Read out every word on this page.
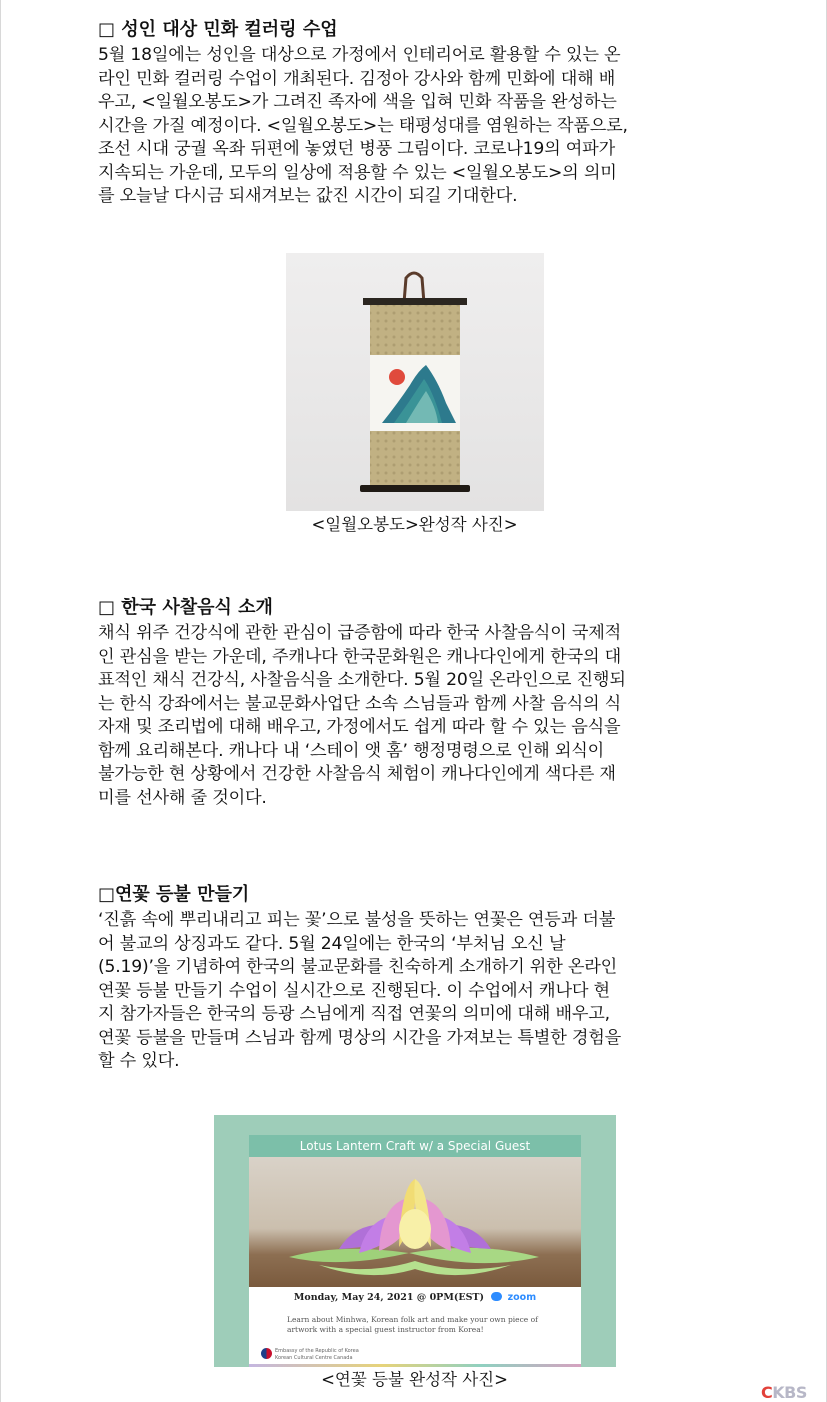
□ 성인 대상 민화 컬러링 수업
5월 18일에는 성인을 대상으로 가정에서 인테리어로 활용할 수 있는 온
라인 민화 컬러링 수업이 개최된다. 김정아 강사와 함께 민화에 대해 배
우고, <일월오봉도>가 그려진 족자에 색을 입혀 민화 작품을 완성하는
시간을 가질 예정이다. <일월오봉도>는 태평성대를 염원하는 작품으로,
조선 시대 궁궐 옥좌 뒤편에 놓였던 병풍 그림이다. 코로나19의 여파가
지속되는 가운데, 모두의 일상에 적용할 수 있는 <일월오봉도>의 의미
를 오늘날 다시금 되새겨보는 값진 시간이 되길 기대한다.
<일월오봉도>완성작 사진>
□ 한국 사찰음식 소개
채식 위주 건강식에 관한 관심이 급증함에 따라 한국 사찰음식이 국제적
인 관심을 받는 가운데, 주캐나다 한국문화원은 캐나다인에게 한국의 대
표적인 채식 건강식, 사찰음식을 소개한다. 5월 20일 온라인으로 진행되
는 한식 강좌에서는 불교문화사업단 소속 스님들과 함께 사찰 음식의 식
자재 및 조리법에 대해 배우고, 가정에서도 쉽게 따라 할 수 있는 음식을
함께 요리해본다. 캐나다 내 ‘스테이 앳 홈’ 행정명령으로 인해 외식이
불가능한 현 상황에서 건강한 사찰음식 체험이 캐나다인에게 색다른 재
미를 선사해 줄 것이다.
□연꽃 등불 만들기
‘진흙 속에 뿌리내리고 피는 꽃’으로 불성을 뜻하는 연꽃은 연등과 더불
어 불교의 상징과도 같다. 5월 24일에는 한국의 ‘부처님 오신 날
(5.19)’을 기념하여 한국의 불교문화를 친숙하게 소개하기 위한 온라인
연꽃 등불 만들기 수업이 실시간으로 진행된다. 이 수업에서 캐나다 현
지 참가자들은 한국의 등광 스님에게 직접 연꽃의 의미에 대해 배우고,
연꽃 등불을 만들며 스님과 함께 명상의 시간을 가져보는 특별한 경험을
할 수 있다.
Lotus Lantern Craft w/ a Special Guest
Monday, May 24, 2021 @ 0PM(EST) zoom
Learn about Minhwa, Korean folk art and make your own piece of artwork with a special guest instructor from Korea!
Embassy of the Republic of Korea
Korean Cultural Centre Canada
<연꽃 등불 완성작 사진>
CKBS
